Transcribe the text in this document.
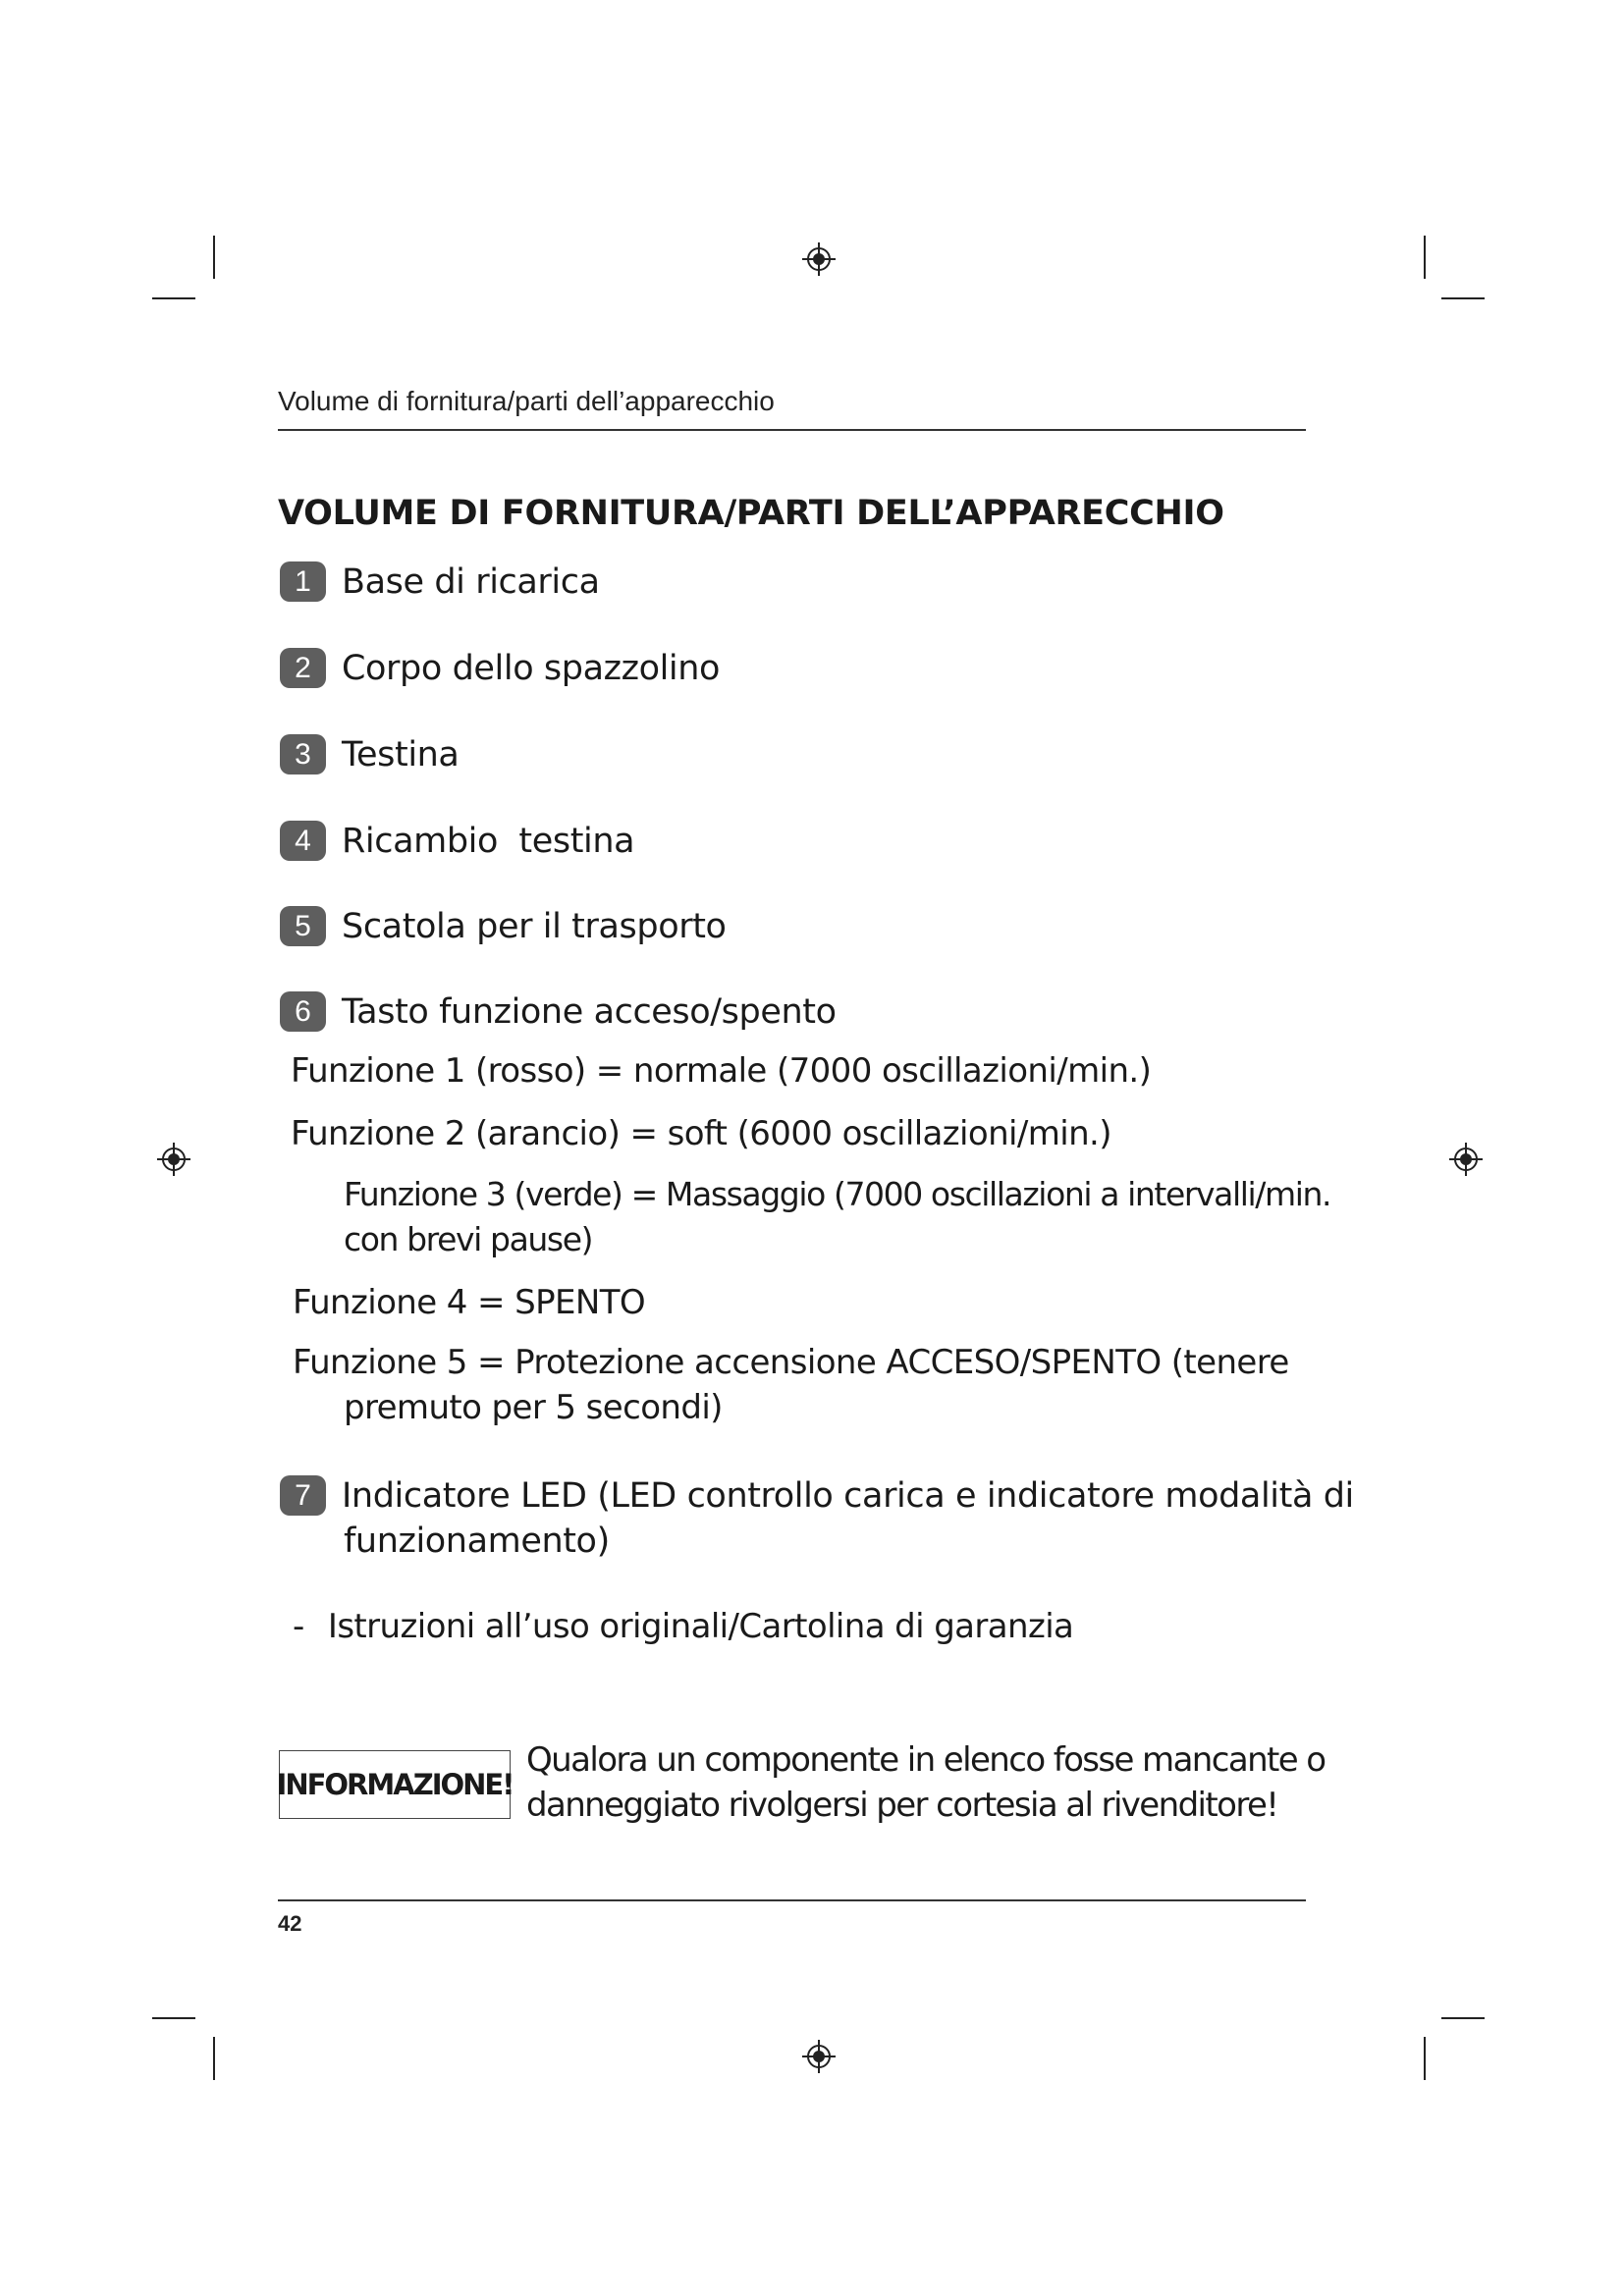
Volume di fornitura/parti dell’apparecchio
VOLUME DI FORNITURA/PARTI DELL’APPARECCHIO
1 Base di ricarica
2 Corpo dello spazzolino
3 Testina
4 Ricambio  testina
5 Scatola per il trasporto
6 Tasto funzione acceso/spento
Funzione 1 (rosso) = normale (7000 oscillazioni/min.)
Funzione 2 (arancio) = soft (6000 oscillazioni/min.)
Funzione 3 (verde) = Massaggio (7000 oscillazioni a intervalli/min.
con brevi pause)
Funzione 4 = SPENTO
Funzione 5 = Protezione accensione ACCESO/SPENTO (tenere
premuto per 5 secondi)
7 Indicatore LED (LED controllo carica e indicatore modalità di
funzionamento)
- Istruzioni all’uso originali/Cartolina di garanzia
INFORMAZIONE!
Qualora un componente in elenco fosse mancante o
danneggiato rivolgersi per cortesia al rivenditore!
42
